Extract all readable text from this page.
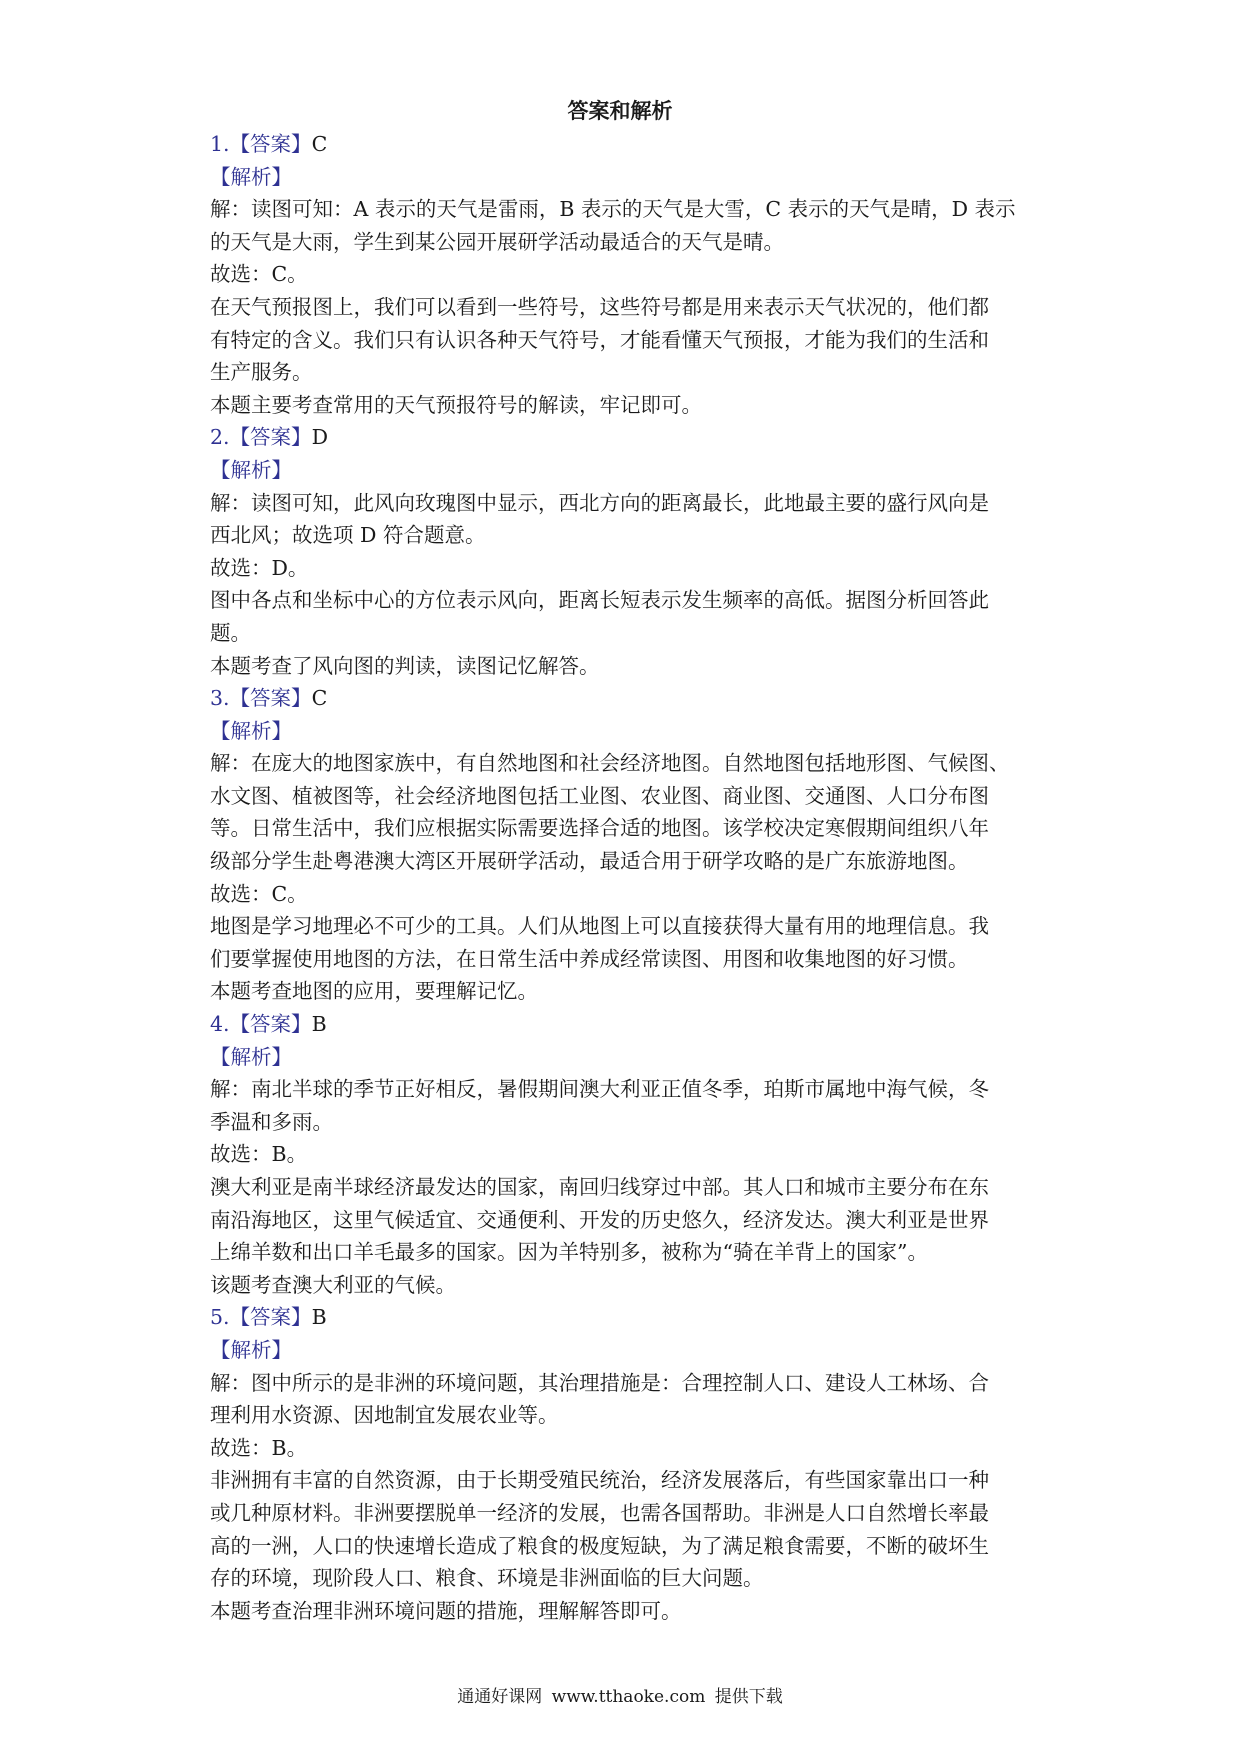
答案和解析
1.【答案】C
【解析】
解：读图可知：A 表示的天气是雷雨，B 表示的天气是大雪，C 表示的天气是晴，D 表示
的天气是大雨，学生到某公园开展研学活动最适合的天气是晴。
故选：C。
在天气预报图上，我们可以看到一些符号，这些符号都是用来表示天气状况的，他们都
有特定的含义。我们只有认识各种天气符号，才能看懂天气预报，才能为我们的生活和
生产服务。
本题主要考查常用的天气预报符号的解读，牢记即可。
2.【答案】D
【解析】
解：读图可知，此风向玫瑰图中显示，西北方向的距离最长，此地最主要的盛行风向是
西北风；故选项 D 符合题意。
故选：D。
图中各点和坐标中心的方位表示风向，距离长短表示发生频率的高低。据图分析回答此
题。
本题考查了风向图的判读，读图记忆解答。
3.【答案】C
【解析】
解：在庞大的地图家族中，有自然地图和社会经济地图。自然地图包括地形图、气候图、
水文图、植被图等，社会经济地图包括工业图、农业图、商业图、交通图、人口分布图
等。日常生活中，我们应根据实际需要选择合适的地图。该学校决定寒假期间组织八年
级部分学生赴粤港澳大湾区开展研学活动，最适合用于研学攻略的是广东旅游地图。
故选：C。
地图是学习地理必不可少的工具。人们从地图上可以直接获得大量有用的地理信息。我
们要掌握使用地图的方法，在日常生活中养成经常读图、用图和收集地图的好习惯。
本题考查地图的应用，要理解记忆。
4.【答案】B
【解析】
解：南北半球的季节正好相反，暑假期间澳大利亚正值冬季，珀斯市属地中海气候，冬
季温和多雨。
故选：B。
澳大利亚是南半球经济最发达的国家，南回归线穿过中部。其人口和城市主要分布在东
南沿海地区，这里气候适宜、交通便利、开发的历史悠久，经济发达。澳大利亚是世界
上绵羊数和出口羊毛最多的国家。因为羊特别多，被称为“骑在羊背上的国家”。
该题考查澳大利亚的气候。
5.【答案】B
【解析】
解：图中所示的是非洲的环境问题，其治理措施是：合理控制人口、建设人工林场、合
理利用水资源、因地制宜发展农业等。
故选：B。
非洲拥有丰富的自然资源，由于长期受殖民统治，经济发展落后，有些国家靠出口一种
或几种原材料。非洲要摆脱单一经济的发展，也需各国帮助。非洲是人口自然增长率最
高的一洲，人口的快速增长造成了粮食的极度短缺，为了满足粮食需要，不断的破坏生
存的环境，现阶段人口、粮食、环境是非洲面临的巨大问题。
本题考查治理非洲环境问题的措施，理解解答即可。
通通好课网 www.tthaoke.com 提供下载
